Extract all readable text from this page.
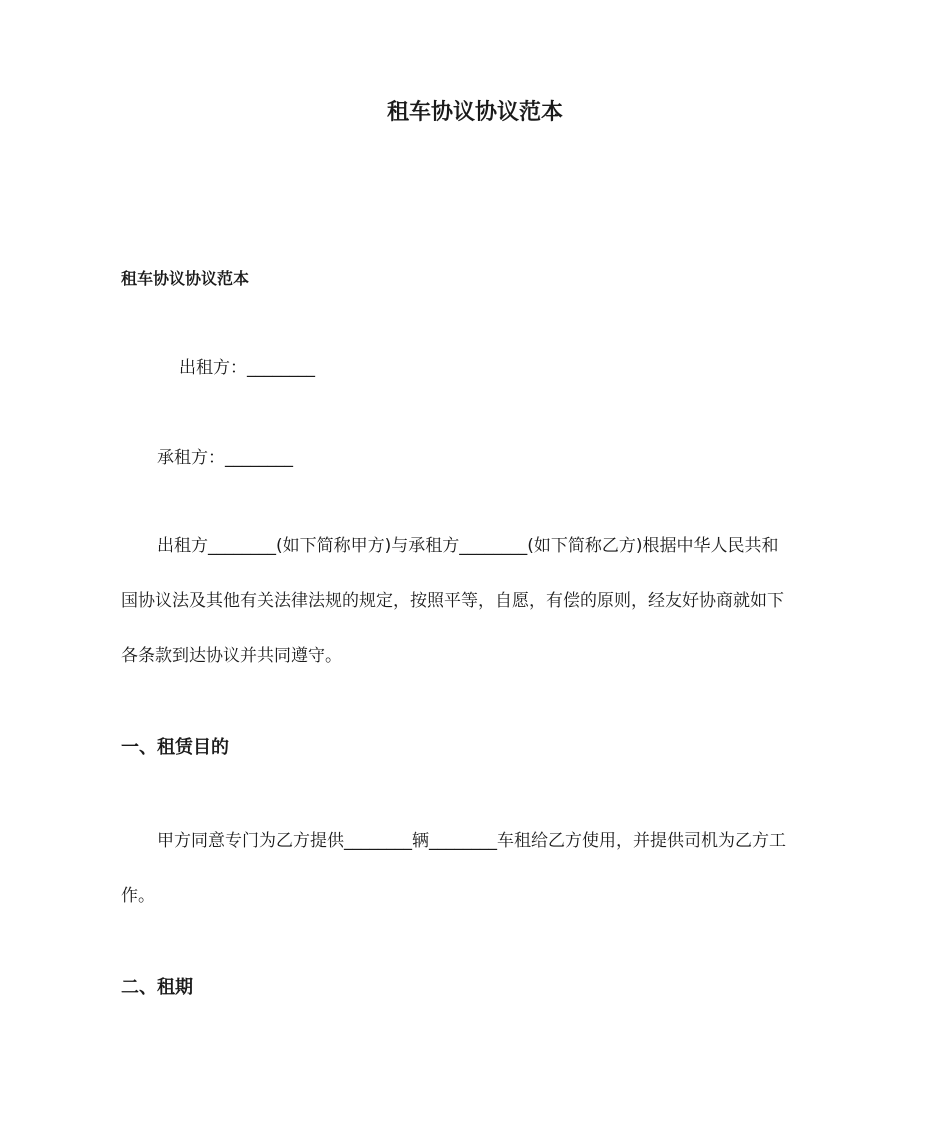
租车协议协议范本

租车协议协议范本

出租方：________

承租方：________

出租方________(如下简称甲方)与承租方________(如下简称乙方)根据中华人民共和
国协议法及其他有关法律法规的规定，按照平等，自愿，有偿的原则，经友好协商就如下
各条款到达协议并共同遵守。
一、租赁目的
甲方同意专门为乙方提供________辆________车租给乙方使用，并提供司机为乙方工
作。
二、租期
